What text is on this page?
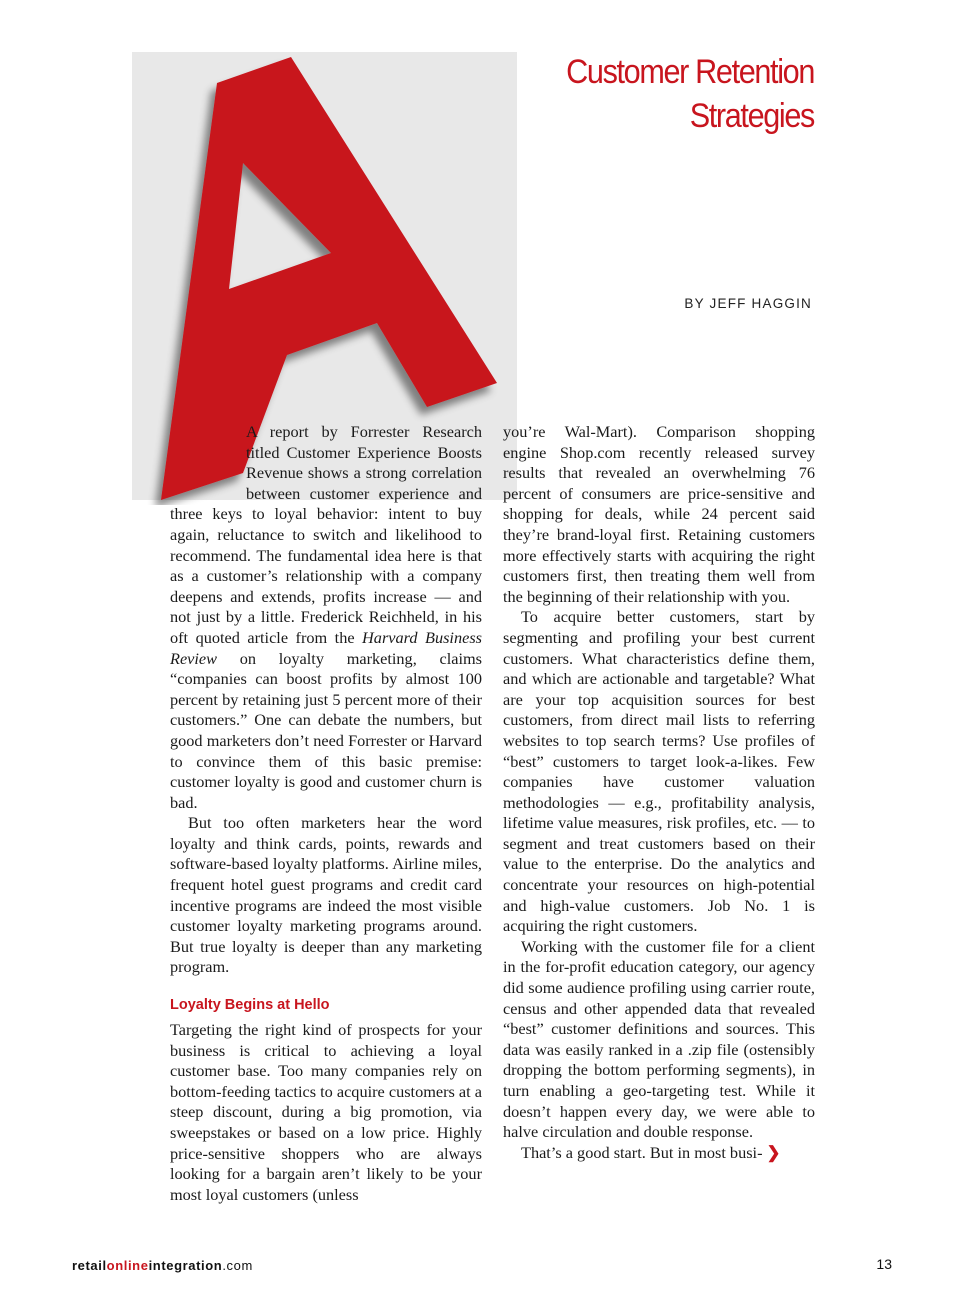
Customer Retention
Strategies
BY JEFF HAGGIN

A report by Forrester Research titled Customer Experience Boosts Revenue shows a strong correlation between customer experience and three keys to loyal behavior: intent to buy again, reluctance to switch and likelihood to recommend. The fundamental idea here is that as a customer’s relationship with a company deepens and extends, profits increase — and not just by a little. Frederick Reichheld, in his oft quoted article from the Harvard Business Review on loyalty marketing, claims “companies can boost profits by almost 100 percent by retaining just 5 percent more of their customers.” One can debate the numbers, but good marketers don’t need Forrester or Harvard to convince them of this basic premise: customer loyalty is good and customer churn is bad.

But too often marketers hear the word loyalty and think cards, points, rewards and software-based loyalty platforms. Airline miles, frequent hotel guest programs and credit card incentive programs are indeed the most visible customer loyalty marketing programs around. But true loyalty is deeper than any marketing program.

Loyalty Begins at Hello

Targeting the right kind of prospects for your business is critical to achieving a loyal customer base. Too many companies rely on bottom-feeding tactics to acquire customers at a steep discount, during a big promotion, via sweepstakes or based on a low price. Highly price-sensitive shoppers who are always looking for a bargain aren’t likely to be your most loyal customers (unless

you’re Wal-Mart). Comparison shopping engine Shop.com recently released survey results that revealed an overwhelming 76 percent of consumers are price-sensitive and shopping for deals, while 24 percent said they’re brand-loyal first. Retaining customers more effectively starts with acquiring the right customers first, then treating them well from the beginning of their relationship with you.

To acquire better customers, start by segmenting and profiling your best current customers. What characteristics define them, and which are actionable and targetable? What are your top acquisition sources for best customers, from direct mail lists to referring websites to top search terms? Use profiles of “best” customers to target look-a-likes. Few companies have customer valuation methodologies — e.g., profitability analysis, lifetime value measures, risk profiles, etc. — to segment and treat customers based on their value to the enterprise. Do the analytics and concentrate your resources on high-potential and high-value customers. Job No. 1 is acquiring the right customers.

Working with the customer file for a client in the for-profit education category, our agency did some audience profiling using carrier route, census and other appended data that revealed “best” customer definitions and sources. This data was easily ranked in a .zip file (ostensibly dropping the bottom performing segments), in turn enabling a geo-targeting test. While it doesn’t happen every day, we were able to halve circulation and double response.

That’s a good start. But in most busi- ❯

retailonlineintegration.com	13
